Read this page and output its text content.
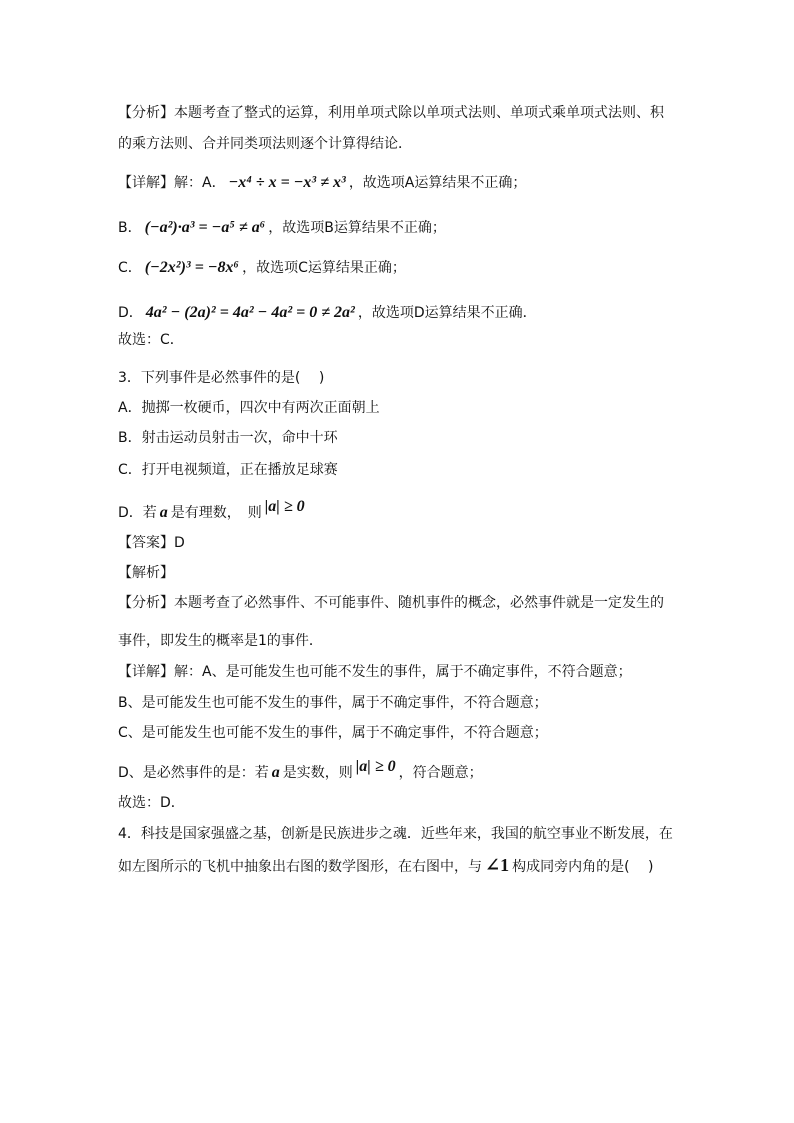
【分析】本题考查了整式的运算，利用单项式除以单项式法则、单项式乘单项式法则、积
的乘方法则、合并同类项法则逐个计算得结论．
【详解】解：A． −x⁴ ÷ x = −x³ ≠ x³ ，故选项A运算结果不正确；
B． (−a²)·a³ = −a⁵ ≠ a⁶ ，故选项B运算结果不正确；
C． (−2x²)³ = −8x⁶ ，故选项C运算结果正确；
D． 4a² − (2a)² = 4a² − 4a² = 0 ≠ 2a² ，故选项D运算结果不正确．
故选：C．
3．下列事件是必然事件的是(　 )
A．抛掷一枚硬币，四次中有两次正面朝上
B．射击运动员射击一次，命中十环
C．打开电视频道，正在播放足球赛
D．若 a 是有理数，　则 |a| ≥ 0
【答案】D
【解析】
【分析】本题考查了必然事件、不可能事件、随机事件的概念，必然事件就是一定发生的
事件，即发生的概率是1的事件．
【详解】解：A、是可能发生也可能不发生的事件，属于不确定事件，不符合题意；
B、是可能发生也可能不发生的事件，属于不确定事件，不符合题意；
C、是可能发生也可能不发生的事件，属于不确定事件，不符合题意；
D、是必然事件的是：若 a 是实数，则 |a| ≥ 0 ，符合题意；
故选：D．
4．科技是国家强盛之基，创新是民族进步之魂．近些年来，我国的航空事业不断发展，在
如左图所示的飞机中抽象出右图的数学图形，在右图中，与 ∠1 构成同旁内角的是(　 )
